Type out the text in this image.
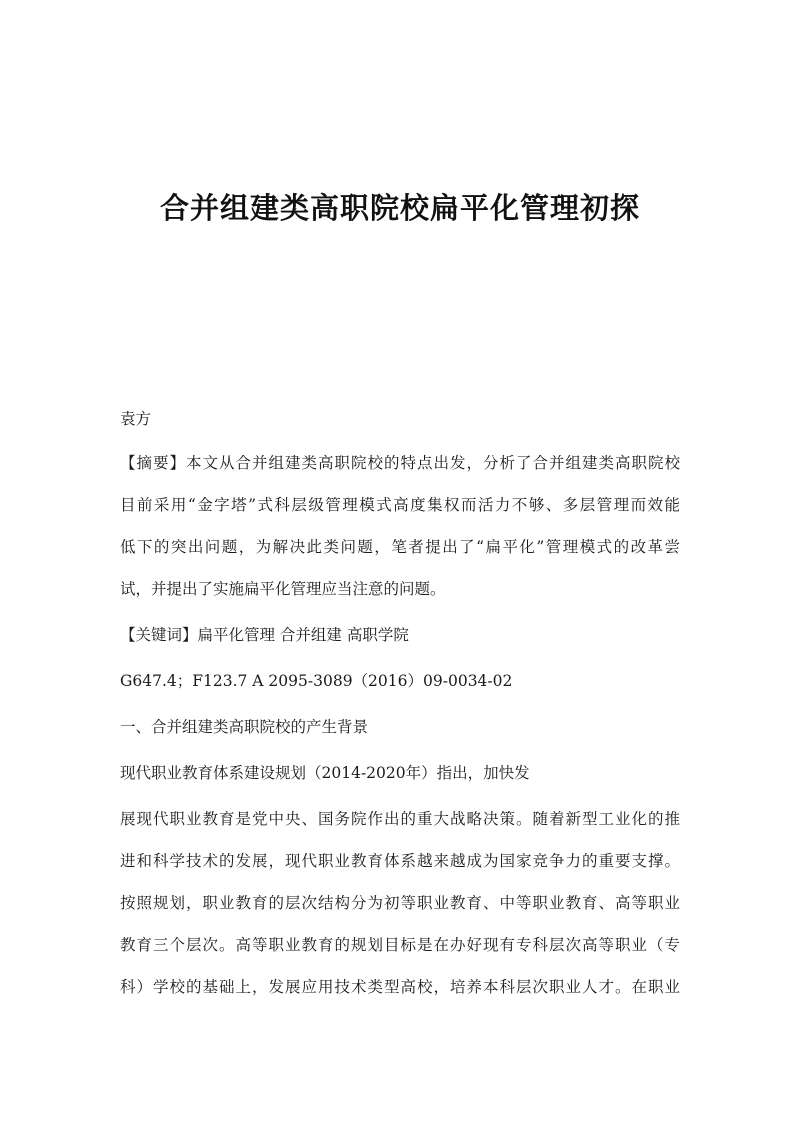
合并组建类高职院校扁平化管理初探
袁方
【摘要】本文从合并组建类高职院校的特点出发，分析了合并组建类高职院校
目前采用“金字塔”式科层级管理模式高度集权而活力不够、多层管理而效能
低下的突出问题，为解决此类问题，笔者提出了“扁平化”管理模式的改革尝
试，并提出了实施扁平化管理应当注意的问题。
【关键词】扁平化管理 合并组建 高职学院
G647.4；F123.7 A 2095-3089（2016）09-0034-02
一、合并组建类高职院校的产生背景
现代职业教育体系建设规划（2014-2020年）指出，加快发
展现代职业教育是党中央、国务院作出的重大战略决策。随着新型工业化的推
进和科学技术的发展，现代职业教育体系越来越成为国家竞争力的重要支撑。
按照规划，职业教育的层次结构分为初等职业教育、中等职业教育、高等职业
教育三个层次。高等职业教育的规划目标是在办好现有专科层次高等职业（专
科）学校的基础上，发展应用技术类型高校，培养本科层次职业人才。在职业
